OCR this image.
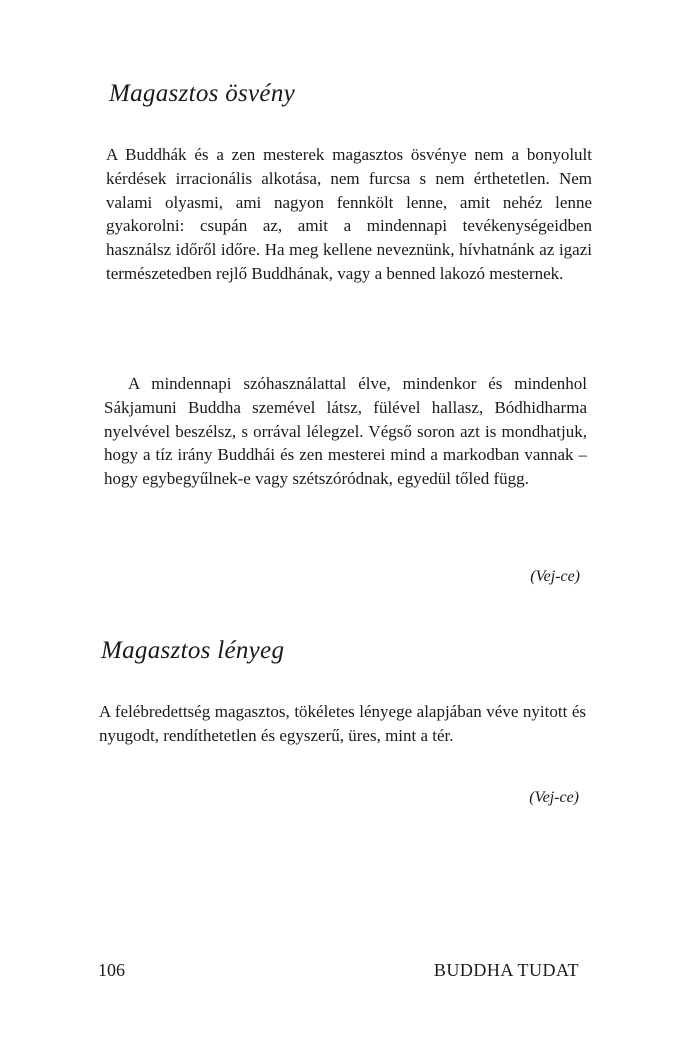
Magasztos ösvény

A Buddhák és a zen mesterek magasztos ösvénye nem a bonyolult kérdések irracionális alkotása, nem furcsa s nem érthetetlen. Nem valami olyasmi, ami nagyon fennkölt lenne, amit nehéz lenne gyakorolni: csupán az, amit a mindennapi tevékenységeidben használsz időről időre. Ha meg kellene neveznünk, hívhatnánk az igazi természetedben rejlő Buddhának, vagy a benned lakozó mesternek.

A mindennapi szóhasználattal élve, mindenkor és mindenhol Sákjamuni Buddha szemével látsz, fülével hallasz, Bódhidharma nyelvével beszélsz, s orrával lélegzel. Végső soron azt is mondhatjuk, hogy a tíz irány Buddhái és zen mesterei mind a markodban vannak – hogy egybegyűlnek-e vagy szétszóródnak, egyedül tőled függ.

(Vej-ce)

Magasztos lényeg

A felébredettség magasztos, tökéletes lényege alapjában véve nyitott és nyugodt, rendíthetetlen és egyszerű, üres, mint a tér.

(Vej-ce)

106	BUDDHA TUDAT
